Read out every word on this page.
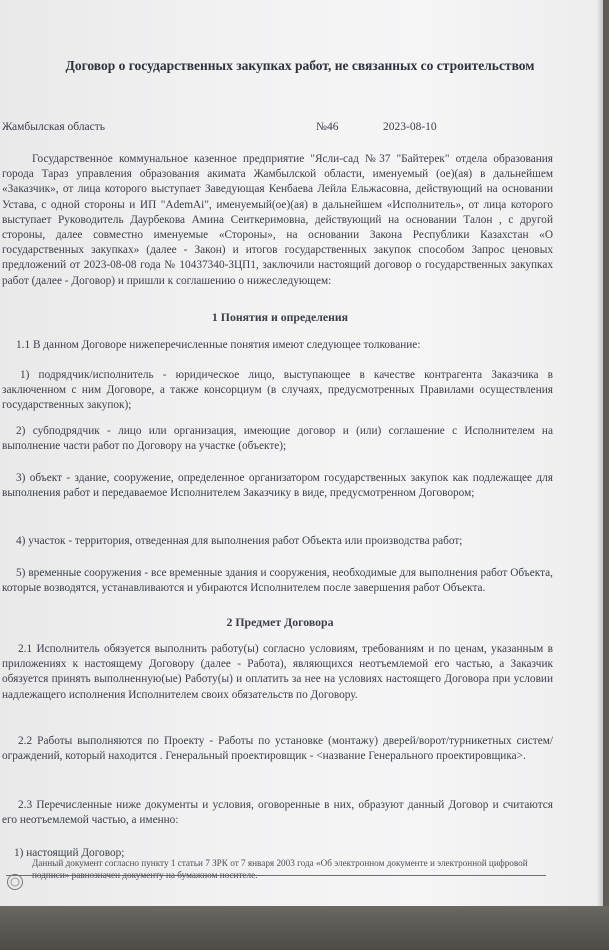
Договор о государственных закупках работ, не связанных со строительством
Жамбылская область	№46	2023-08-10
Государственное коммунальное казенное предприятие "Ясли-сад №37 "Байтерек" отдела образования города Тараз управления образования акимата Жамбылской области, именуемый (ое)(ая) в дальнейшем «Заказчик», от лица которого выступает Заведующая Кенбаева Лейла Ельжасовна, действующий на основании Устава, с одной стороны и ИП "AdemAi", именуемый(ое)(ая) в дальнейшем «Исполнитель», от лица которого выступает Руководитель Даурбекова Амина Сеиткеримовна, действующий на основании Талон , с другой стороны, далее совместно именуемые «Стороны», на основании Закона Республики Казахстан «О государственных закупках» (далее - Закон) и итогов государственных закупок способом Запрос ценовых предложений от 2023-08-08 года № 10437340-ЗЦП1, заключили настоящий договор о государственных закупках работ (далее - Договор) и пришли к соглашению о нижеследующем:
1 Понятия и определения
1.1 В данном Договоре нижеперечисленные понятия имеют следующее толкование:
1) подрядчик/исполнитель - юридическое лицо, выступающее в качестве контрагента Заказчика в заключенном с ним Договоре, а также консорциум (в случаях, предусмотренных Правилами осуществления государственных закупок);
2) субподрядчик - лицо или организация, имеющие договор и (или) соглашение с Исполнителем на выполнение части работ по Договору на участке (объекте);
3) объект - здание, сооружение, определенное организатором государственных закупок как подлежащее для выполнения работ и передаваемое Исполнителем Заказчику в виде, предусмотренном Договором;
4) участок - территория, отведенная для выполнения работ Объекта или производства работ;
5) временные сооружения - все временные здания и сооружения, необходимые для выполнения работ Объекта, которые возводятся, устанавливаются и убираются Исполнителем после завершения работ Объекта.
2 Предмет Договора
2.1 Исполнитель обязуется выполнить работу(ы) согласно условиям, требованиям и по ценам, указанным в приложениях к настоящему Договору (далее - Работа), являющихся неотъемлемой его частью, а Заказчик обязуется принять выполненную(ые) Работу(ы) и оплатить за нее на условиях настоящего Договора при условии надлежащего исполнения Исполнителем своих обязательств по Договору.
2.2 Работы выполняются по Проекту - Работы по установке (монтажу) дверей/ворот/турникетных систем/ограждений, который находится . Генеральный проектировщик - <название Генерального проектировщика>.
2.3 Перечисленные ниже документы и условия, оговоренные в них, образуют данный Договор и считаются его неотъемлемой частью, а именно:
1) настоящий Договор;
Данный документ согласно пункту 1 статьи 7 ЗРК от 7 января 2003 года «Об электронном документе и электронной цифровой подписи» равнозначен документу на бумажном носителе.
